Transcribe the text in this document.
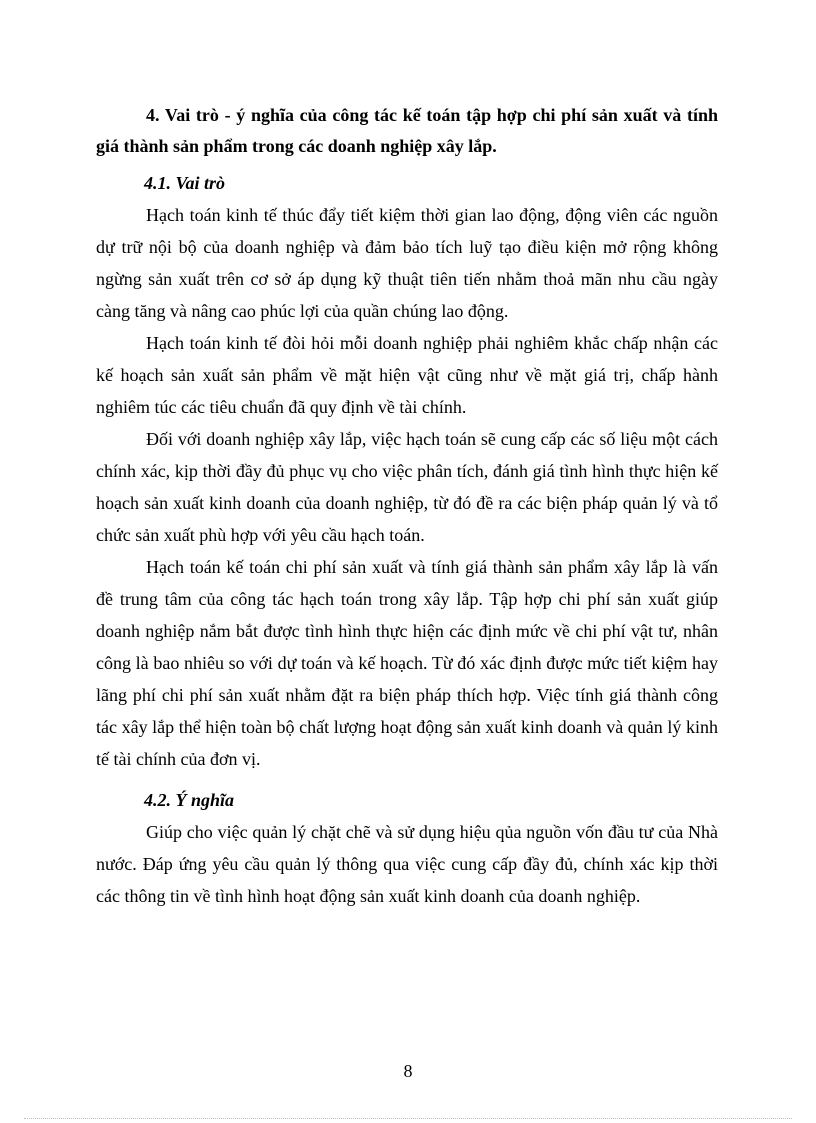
4. Vai trò - ý nghĩa của công tác kế toán tập hợp chi phí sản xuất và tính giá thành sản phẩm trong các doanh nghiệp xây lắp.

4.1. Vai trò

Hạch toán kinh tế thúc đẩy tiết kiệm thời gian lao động, động viên các nguồn dự trữ nội bộ của doanh nghiệp và đảm bảo tích luỹ tạo điều kiện mở rộng không ngừng sản xuất trên cơ sở áp dụng kỹ thuật tiên tiến nhằm thoả mãn nhu cầu ngày càng tăng và nâng cao phúc lợi của quần chúng lao động.

Hạch toán kinh tế đòi hỏi mỗi doanh nghiệp phải nghiêm khắc chấp nhận các kế hoạch sản xuất sản phẩm về mặt hiện vật cũng như về mặt giá trị, chấp hành nghiêm túc các tiêu chuẩn đã quy định về tài chính.

Đối với doanh nghiệp xây lắp, việc hạch toán sẽ cung cấp các số liệu một cách chính xác, kịp thời đầy đủ phục vụ cho việc phân tích, đánh giá tình hình thực hiện kế hoạch sản xuất kinh doanh của doanh nghiệp, từ đó đề ra các biện pháp quản lý và tổ chức sản xuất phù hợp với yêu cầu hạch toán.

Hạch toán kế toán chi phí sản xuất và tính giá thành sản phẩm xây lắp là vấn đề trung tâm của công tác hạch toán trong xây lắp. Tập hợp chi phí sản xuất giúp doanh nghiệp nắm bắt được tình hình thực hiện các định mức về chi phí vật tư, nhân công là bao nhiêu so với dự toán và kế hoạch. Từ đó xác định được mức tiết kiệm hay lãng phí chi phí sản xuất nhằm đặt ra biện pháp thích hợp. Việc tính giá thành công tác xây lắp thể hiện toàn bộ chất lượng hoạt động sản xuất kinh doanh và quản lý kinh tế tài chính của đơn vị.

4.2. Ý nghĩa

Giúp cho việc quản lý chặt chẽ và sử dụng hiệu qủa nguồn vốn đầu tư của Nhà nước. Đáp ứng yêu cầu quản lý thông qua việc cung cấp đầy đủ, chính xác kịp thời các thông tin về tình hình hoạt động sản xuất kinh doanh của doanh nghiệp.

8
